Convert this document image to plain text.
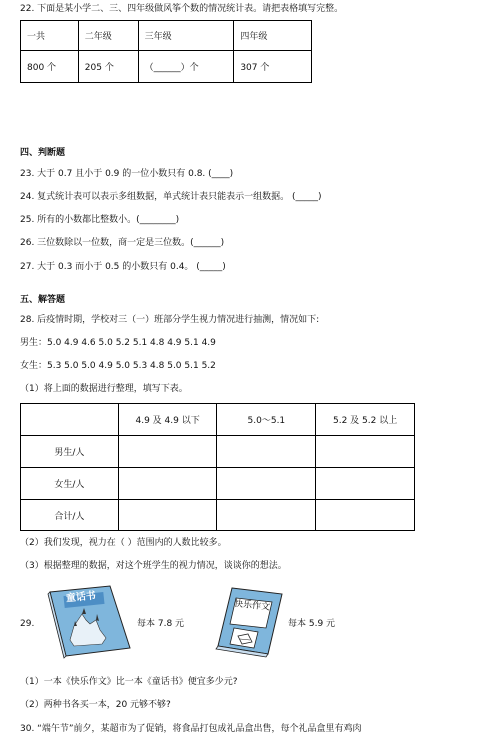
22. 下面是某小学二、三、四年级做风筝个数的情况统计表。请把表格填写完整。
一共	二年级	三年级	四年级
800 个	205 个	（______）个	307 个
四、判断题
23. 大于 0.7 且小于 0.9 的一位小数只有 0.8. (____)
24. 复式统计表可以表示多组数据，单式统计表只能表示一组数据。 (_____)
25. 所有的小数都比整数小。(________)
26. 三位数除以一位数，商一定是三位数。(______)
27. 大于 0.3 而小于 0.5 的小数只有 0.4。 (_____)
五、解答题
28. 后疫情时期，学校对三（一）班部分学生视力情况进行抽测，情况如下:
男生：5.0 4.9 4.6 5.0 5.2 5.1 4.8 4.9 5.1 4.9
女生：5.3 5.0 5.0 4.9 5.0 5.3 4.8 5.0 5.1 5.2
（1）将上面的数据进行整理，填写下表。
	4.9 及 4.9 以下	5.0～5.1	5.2 及 5.2 以上
男生/人			
女生/人			
合计/人			
（2）我们发现，视力在（ ）范围内的人数比较多。
（3）根据整理的数据，对这个班学生的视力情况，谈谈你的想法。
29.
童话书
每本 7.8 元
快乐作文
每本 5.9 元
（1）一本《快乐作文》比一本《童话书》便宜多少元?
（2）两种书各买一本，20 元够不够?
30. “端午节”前夕，某超市为了促销，将食品打包成礼品盒出售，每个礼品盒里有鸡肉
